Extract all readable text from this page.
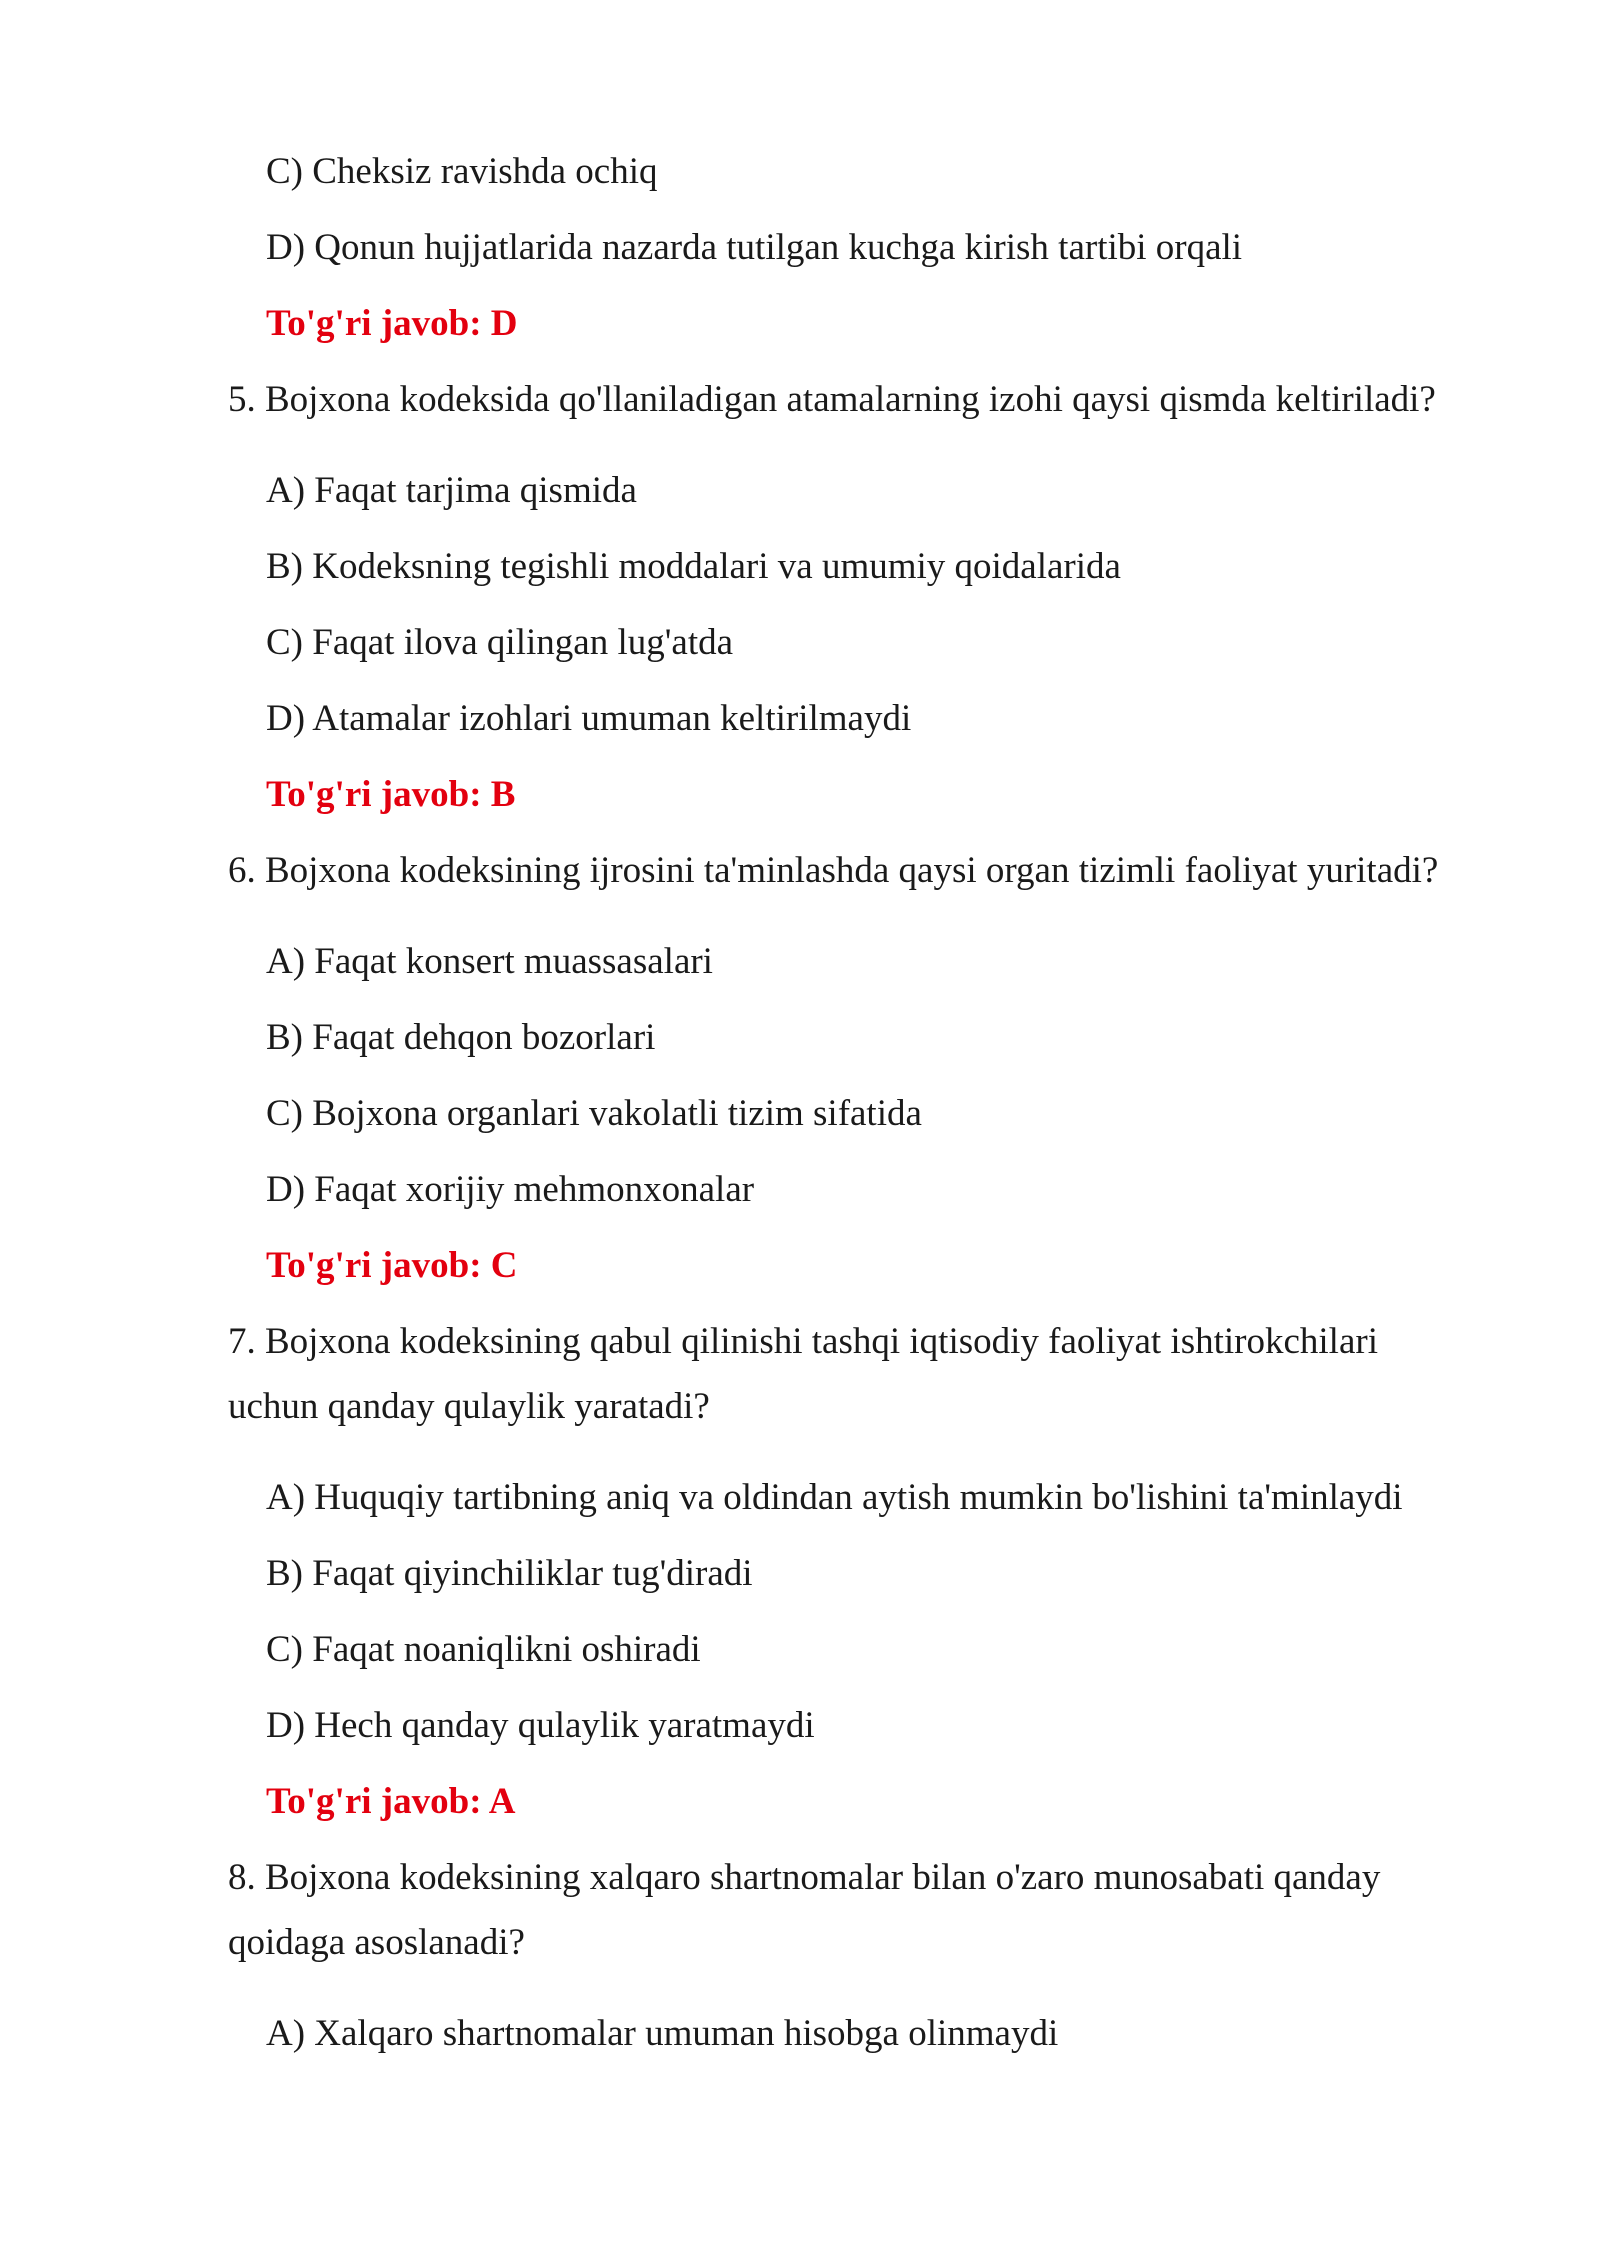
C) Cheksiz ravishda ochiq
D) Qonun hujjatlarida nazarda tutilgan kuchga kirish tartibi orqali
To'g'ri javob: D
5. Bojxona kodeksida qo'llaniladigan atamalarning izohi qaysi qismda keltiriladi?
A) Faqat tarjima qismida
B) Kodeksning tegishli moddalari va umumiy qoidalarida
C) Faqat ilova qilingan lug'atda
D) Atamalar izohlari umuman keltirilmaydi
To'g'ri javob: B
6. Bojxona kodeksining ijrosini ta'minlashda qaysi organ tizimli faoliyat yuritadi?
A) Faqat konsert muassasalari
B) Faqat dehqon bozorlari
C) Bojxona organlari vakolatli tizim sifatida
D) Faqat xorijiy mehmonxonalar
To'g'ri javob: C
7. Bojxona kodeksining qabul qilinishi tashqi iqtisodiy faoliyat ishtirokchilari
uchun qanday qulaylik yaratadi?
A) Huquqiy tartibning aniq va oldindan aytish mumkin bo'lishini ta'minlaydi
B) Faqat qiyinchiliklar tug'diradi
C) Faqat noaniqlikni oshiradi
D) Hech qanday qulaylik yaratmaydi
To'g'ri javob: A
8. Bojxona kodeksining xalqaro shartnomalar bilan o'zaro munosabati qanday
qoidaga asoslanadi?
A) Xalqaro shartnomalar umuman hisobga olinmaydi
